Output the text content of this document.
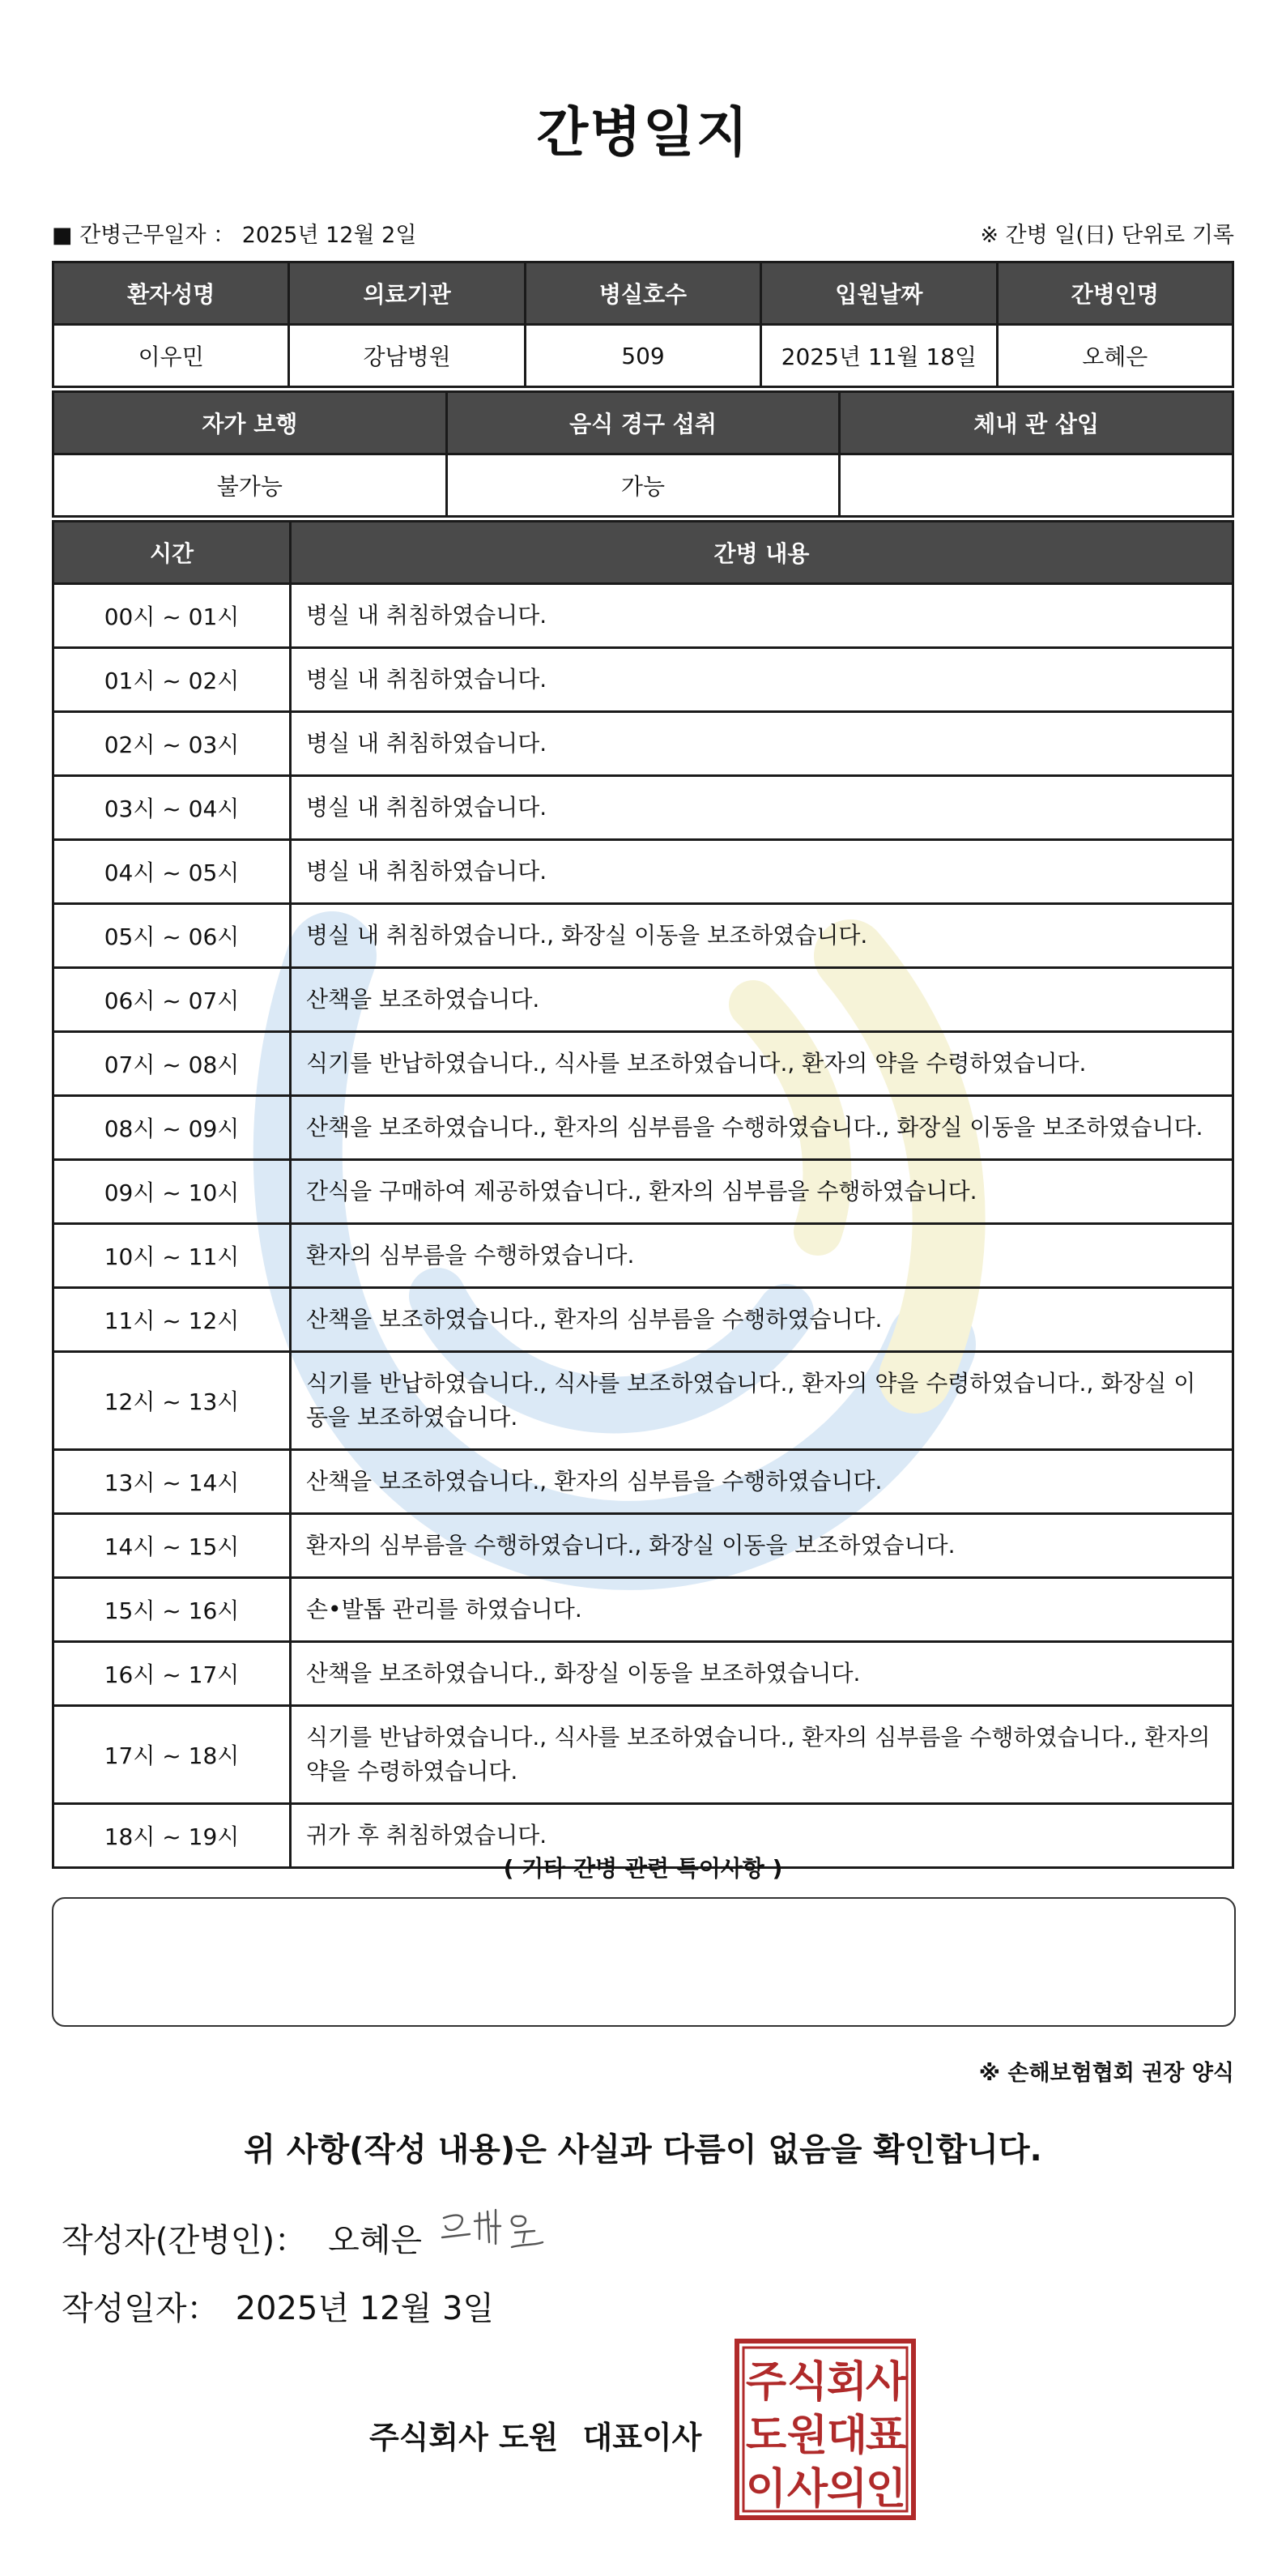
간병일지
■ 간병근무일자 ： 2025년 12월 2일	※ 간병 일(日) 단위로 기록
환자성명	의료기관	병실호수	입원날짜	간병인명
이우민	강남병원	509	2025년 11월 18일	오혜은
자가 보행	음식 경구 섭취	체내 관 삽입
불가능	가능	
시간	간병 내용
00시 ~ 01시	병실 내 취침하였습니다.
01시 ~ 02시	병실 내 취침하였습니다.
02시 ~ 03시	병실 내 취침하였습니다.
03시 ~ 04시	병실 내 취침하였습니다.
04시 ~ 05시	병실 내 취침하였습니다.
05시 ~ 06시	병실 내 취침하였습니다., 화장실 이동을 보조하였습니다.
06시 ~ 07시	산책을 보조하였습니다.
07시 ~ 08시	식기를 반납하였습니다., 식사를 보조하였습니다., 환자의 약을 수령하였습니다.
08시 ~ 09시	산책을 보조하였습니다., 환자의 심부름을 수행하였습니다., 화장실 이동을 보조하였습니다.
09시 ~ 10시	간식을 구매하여 제공하였습니다., 환자의 심부름을 수행하였습니다.
10시 ~ 11시	환자의 심부름을 수행하였습니다.
11시 ~ 12시	산책을 보조하였습니다., 환자의 심부름을 수행하였습니다.
12시 ~ 13시	식기를 반납하였습니다., 식사를 보조하였습니다., 환자의 약을 수령하였습니다., 화장실 이동을 보조하였습니다.
13시 ~ 14시	산책을 보조하였습니다., 환자의 심부름을 수행하였습니다.
14시 ~ 15시	환자의 심부름을 수행하였습니다., 화장실 이동을 보조하였습니다.
15시 ~ 16시	손•발톱 관리를 하였습니다.
16시 ~ 17시	산책을 보조하였습니다., 화장실 이동을 보조하였습니다.
17시 ~ 18시	식기를 반납하였습니다., 식사를 보조하였습니다., 환자의 심부름을 수행하였습니다., 환자의 약을 수령하였습니다.
18시 ~ 19시	귀가 후 취침하였습니다.
( 기타 간병 관련 특이사항 )
※ 손해보험협회 권장 양식
위 사항(작성 내용)은 사실과 다름이 없음을 확인합니다.
작성자(간병인)： 오혜은
작성일자： 2025년 12월 3일
주식회사 도원 대표이사
주 식
회
사
도 원
대
표
이 사
의
인
